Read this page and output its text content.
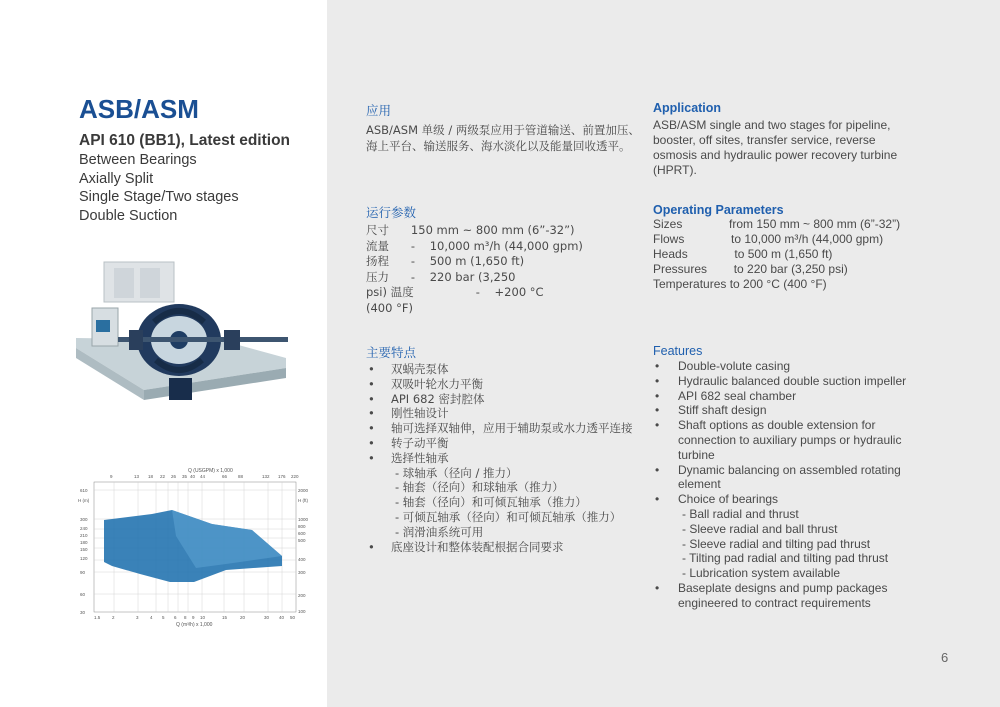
ASB/ASM
API 610 (BB1), Latest edition
Between Bearings
Axially Split
Single Stage/Two stages
Double Suction
Q (USGPM) x 1,000
9	13 18 22 26 35 40 44	66 88	132 176 220
H (m)	H (ft)
610
300
240
210
180
150
120
90
60
30
2000
1000
800
600
500
400
300
200
100
1.5	2	3	4 5 6 8 9 10	15	20	30 40 50
Q (m³/h) x 1,000
应用
ASB/ASM 单级 / 两级泵应用于管道输送、前置加压、海上平台、输送服务、海水淡化以及能量回收透平。
运行参数
尺寸      150 mm ~ 800 mm (6”-32”)
流量      -    10,000 m³/h (44,000 gpm)
扬程      -    500 m (1,650 ft)
压力      -    220 bar (3,250
psi) 温度                 -    +200 °C
(400 °F)
主要特点
• 双蜗壳泵体
• 双吸叶轮水力平衡
• API 682 密封腔体
• 刚性轴设计
• 轴可选择双轴伸，应用于辅助泵或水力透平连接
• 转子动平衡
• 选择性轴承
- 球轴承（径向 / 推力）
- 轴套（径向）和球轴承（推力）
- 轴套（径向）和可倾瓦轴承（推力）
- 可倾瓦轴承（径向）和可倾瓦轴承（推力）
- 润滑油系统可用
• 底座设计和整体装配根据合同要求
Application
ASB/ASM single and two stages for pipeline, booster, off sites, transfer service, reverse osmosis and hydraulic power recovery turbine (HPRT).
Operating Parameters
Sizes              from 150 mm ~ 800 mm (6”-32”)
Flows              to 10,000 m³/h (44,000 gpm)
Heads              to 500 m (1,650 ft)
Pressures        to 220 bar (3,250 psi)
Temperatures to 200 °C (400 °F)
Features
• Double-volute casing
• Hydraulic balanced double suction impeller
• API 682 seal chamber
• Stiff shaft design
• Shaft options as double extension for connection to auxiliary pumps or hydraulic turbine
• Dynamic balancing on assembled rotating element
• Choice of bearings
- Ball radial and thrust
- Sleeve radial and ball thrust
- Sleeve radial and tilting pad thrust
- Tilting pad radial and tilting pad thrust
- Lubrication system available
• Baseplate designs and pump packages engineered to contract requirements
6
